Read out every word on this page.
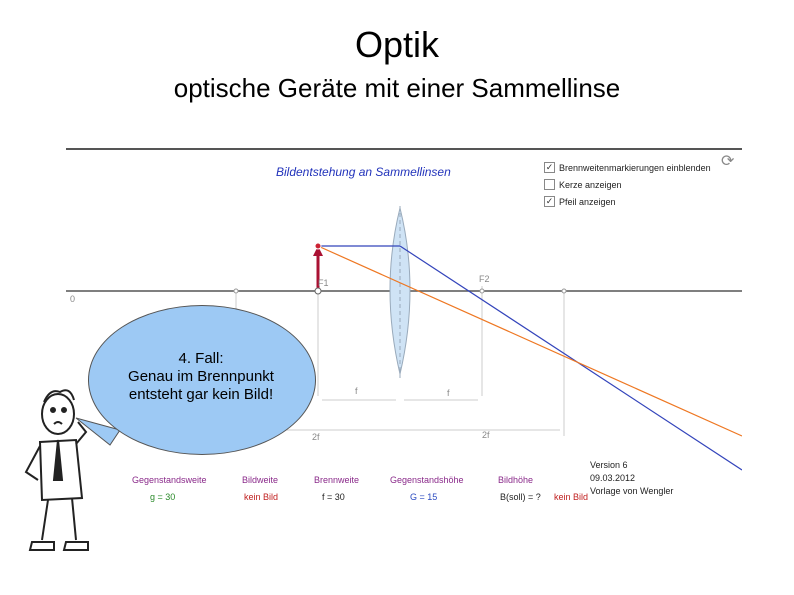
Optik
optische Geräte mit einer Sammellinse
Bildentstehung an Sammellinsen	✓ Brennweitenmarkierungen einblenden
Kerze anzeigen
✓ Pfeil anzeigen
⟳
0
F1	F2
f	f
2f	2f
Gegenstandsweite
g = 30
Bildweite
kein Bild
Brennweite
f = 30
Gegenstandshöhe
G = 15
Bildhöhe
B(soll) = ? kein Bild
Version 6
09.03.2012
Vorlage von Wengler
4. Fall:
Genau im Brennpunkt
entsteht gar kein Bild!
